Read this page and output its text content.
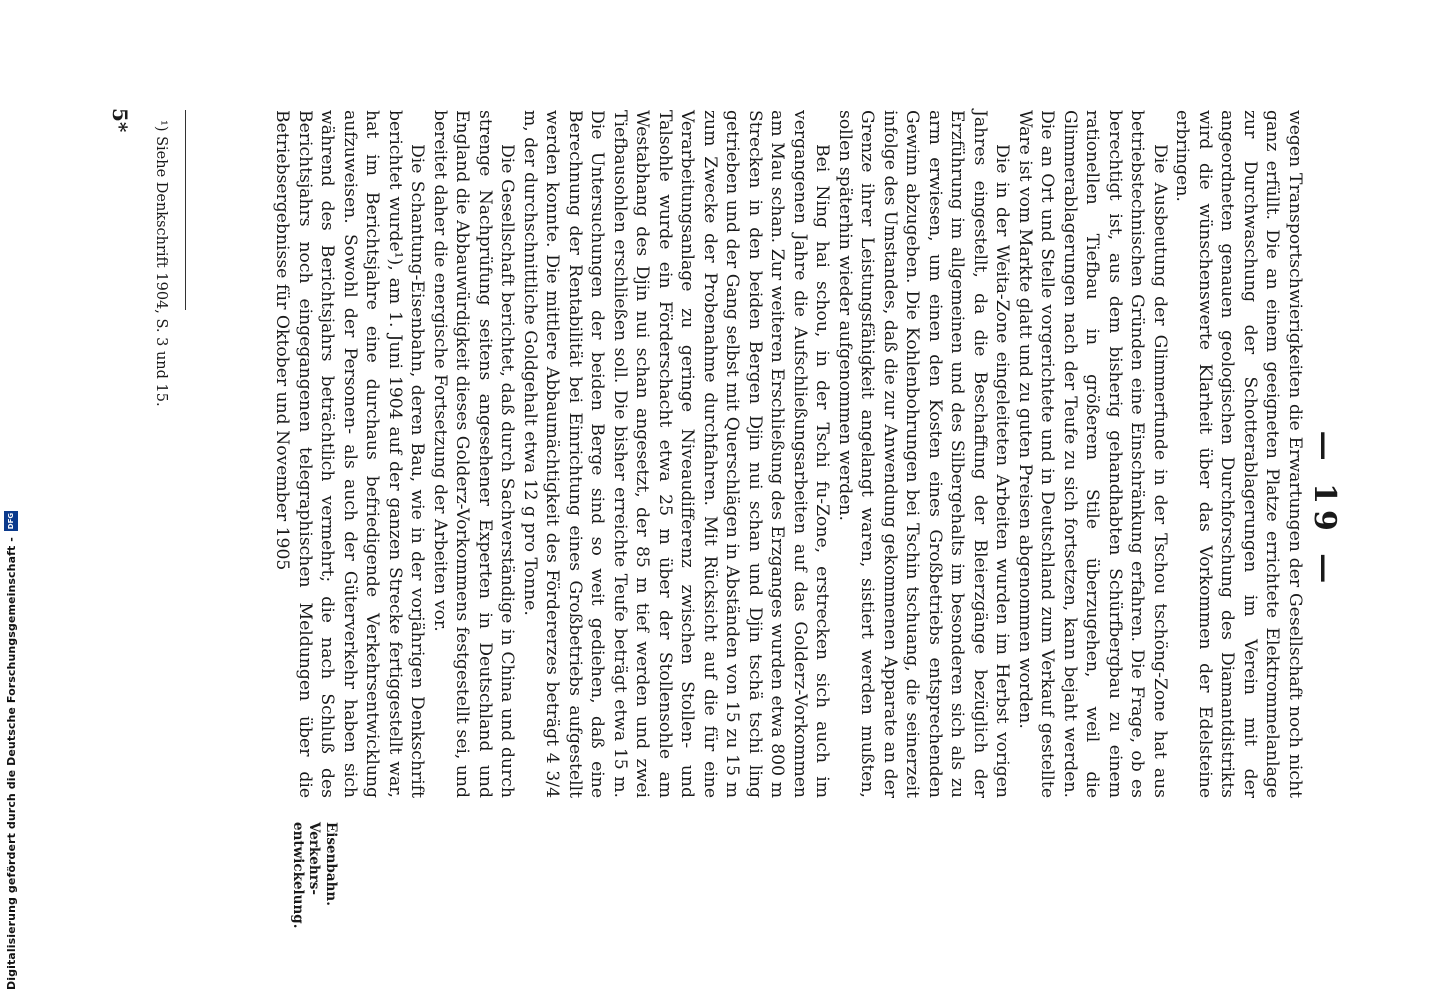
— 19 —

wegen Transportschwierigkeiten die Erwartungen der Gesellschaft noch nicht ganz erfüllt. Die an einem geeigneten Platze errichtete Elektrommelanlage zur Durchwaschung der Schotterablagerungen im Verein mit der angeordneten genauen geologischen Durchforschung des Diamantdistrikts wird die wünschenswerte Klarheit über das Vorkommen der Edelsteine erbringen.

Die Ausbeutung der Glimmerfunde in der Tschou tschöng-Zone hat aus betriebstechnischen Gründen eine Einschränkung erfahren. Die Frage, ob es berechtigt ist, aus dem bisherig gehandhabten Schürfbergbau zu einem rationellen Tiefbau in größerem Stile überzugehen, weil die Glimmerablagerungen nach der Teufe zu sich fortsetzen, kann bejaht werden. Die an Ort und Stelle vorgerichtete und in Deutschland zum Verkauf gestellte Ware ist vom Markte glatt und zu guten Preisen abgenommen worden.

Die in der Weita-Zone eingeleiteten Arbeiten wurden im Herbst vorigen Jahres eingestellt, da die Beschaffung der Bleierzgänge bezüglich der Erzführung im allgemeinen und des Silbergehalts im besonderen sich als zu arm erwiesen, um einen den Kosten eines Großbetriebs entsprechenden Gewinn abzugeben. Die Kohlenbohrungen bei Tschin tschuang, die seinerzeit infolge des Umstandes, daß die zur Anwendung gekommenen Apparate an der Grenze ihrer Leistungsfähigkeit angelangt waren, sistiert werden mußten, sollen späterhin wieder aufgenommen werden.

Bei Ning hai schou, in der Tschi fu-Zone, erstrecken sich auch im vergangenen Jahre die Aufschließungsarbeiten auf das Golderz-Vorkommen am Mau schan. Zur weiteren Erschließung des Erzganges wurden etwa 800 m Strecken in den beiden Bergen Djin nui schan und Djin tschä tschi ling getrieben und der Gang selbst mit Querschlägen in Abständen von 15 zu 15 m zum Zwecke der Probenahme durchfahren. Mit Rücksicht auf die für eine Verarbeitungsanlage zu geringe Niveaudifferenz zwischen Stollen- und Talsohle wurde ein Förderschacht etwa 25 m über der Stollensohle am Westabhang des Djin nui schan angesetzt, der 85 m tief werden und zwei Tiefbausohlen erschließen soll. Die bisher erreichte Teufe beträgt etwa 15 m. Die Untersuchungen der beiden Berge sind so weit gediehen, daß eine Berechnung der Rentabilität bei Einrichtung eines Großbetriebs aufgestellt werden konnte. Die mittlere Abbaumächtigkeit des Fördererzes beträgt 4 3/4 m, der durchschnittliche Goldgehalt etwa 12 g pro Tonne.

Die Gesellschaft berichtet, daß durch Sachverständige in China und durch strenge Nachprüfung seitens angesehener Experten in Deutschland und England die Abbauwürdigkeit dieses Golderz-Vorkommens festgestellt sei, und bereitet daher die energische Fortsetzung der Arbeiten vor.

Die Schantung-Eisenbahn, deren Bau, wie in der vorjährigen Denkschrift berichtet wurde¹), am 1. Juni 1904 auf der ganzen Strecke fertiggestellt war, hat im Berichtsjahre eine durchaus befriedigende Verkehrsentwicklung aufzuweisen. Sowohl der Personen- als auch der Güterverkehr haben sich während des Berichtsjahrs beträchtlich vermehrt; die nach Schluß des Berichtsjahrs noch eingegangenen telegraphischen Meldungen über die Betriebsergebnisse für Oktober und November 1905

Eisenbahn.
Verkehrs-
entwickelung.
¹) Siehe Denkschrift 1904, S. 3 und 15.
5*
Digitalisierung gefördert durch die Deutsche Forschungsgemeinschaft -
DFG
